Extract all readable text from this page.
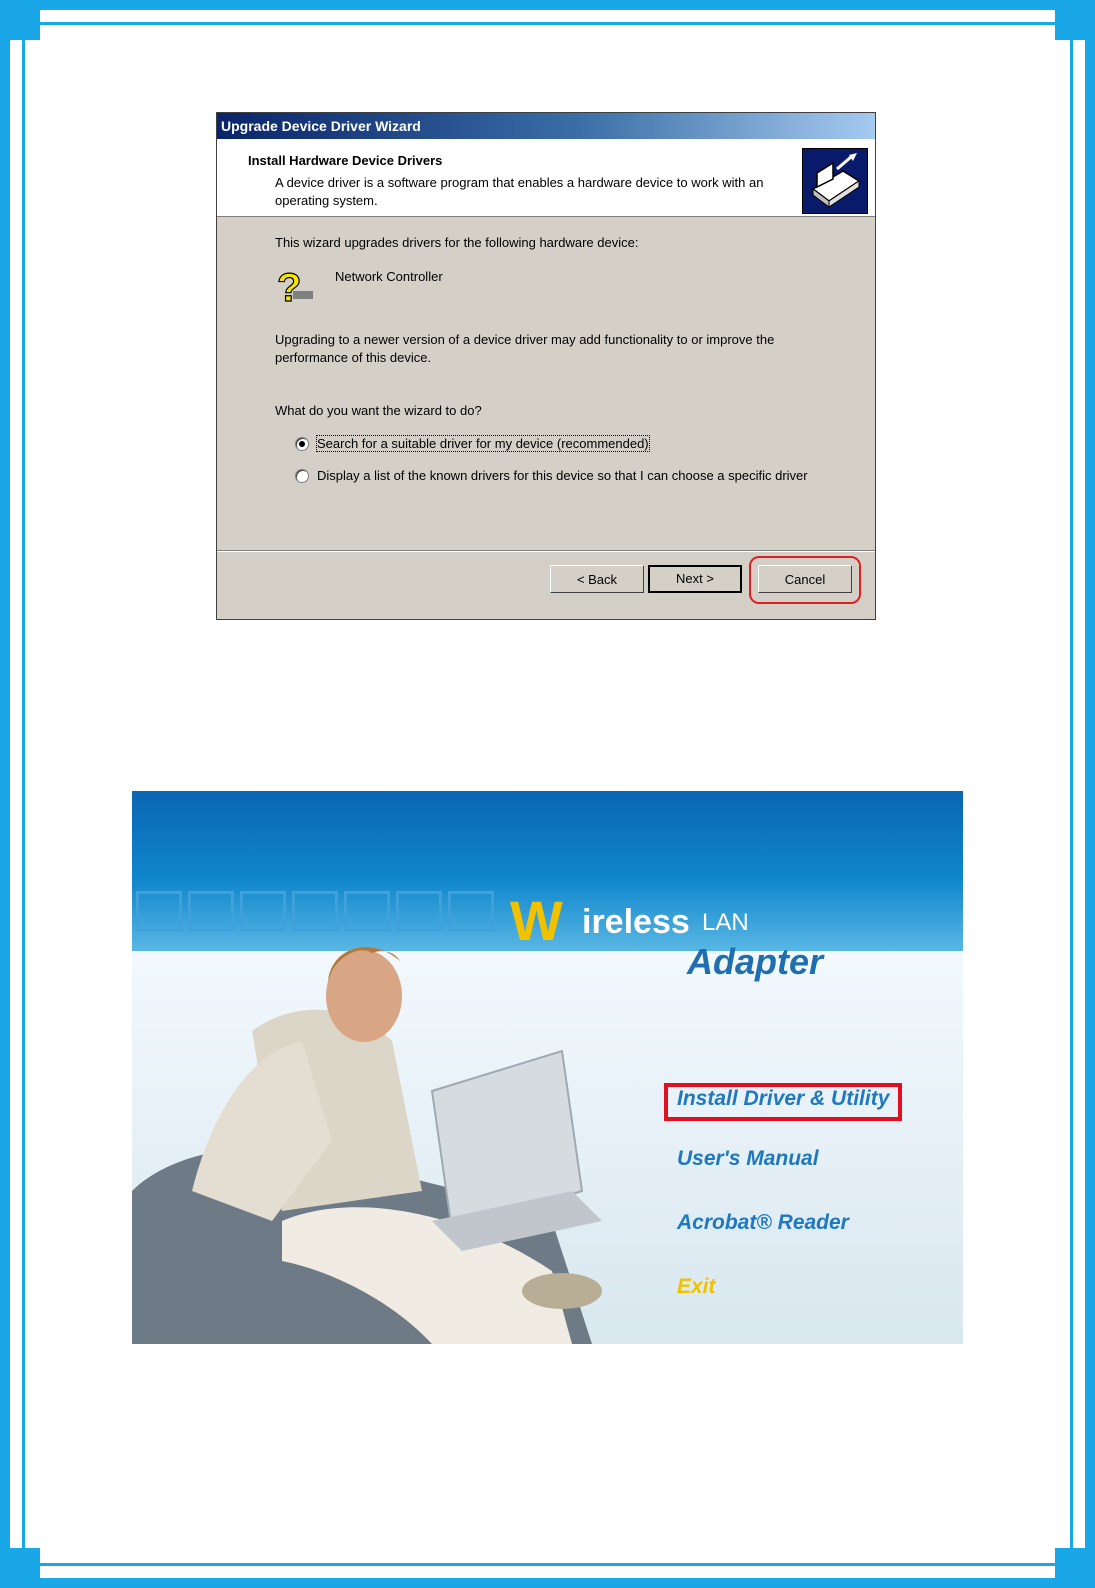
Upgrade Device Driver Wizard
Install Hardware Device Drivers
A device driver is a software program that enables a hardware device to work with an operating system.
This wizard upgrades drivers for the following hardware device:
?	Network Controller
Upgrading to a newer version of a device driver may add functionality to or improve the performance of this device.
What do you want the wizard to do?
Search for a suitable driver for my device (recommended)
Display a list of the known drivers for this device so that I can choose a specific driver
< Back	Next >	Cancel
W ireless LAN
Adapter
Install Driver & Utility
User's Manual
Acrobat® Reader
Exit
